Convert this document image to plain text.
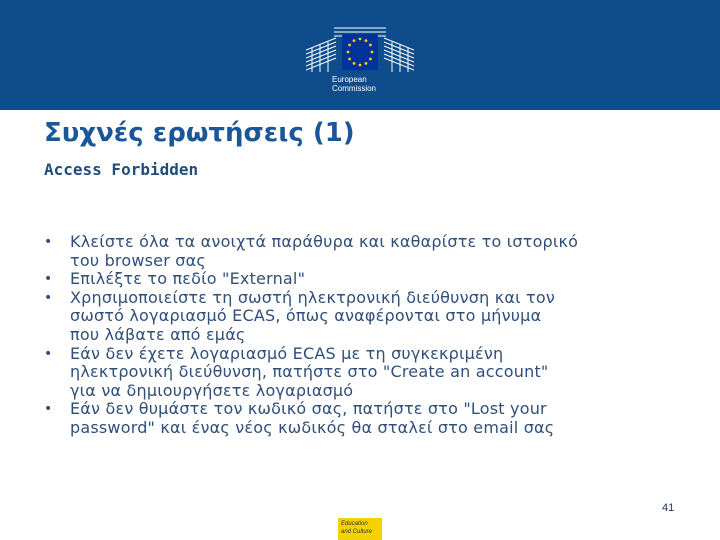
European
Commission
Συχνές ερωτήσεις (1)
Access Forbidden
• Κλείστε όλα τα ανοιχτά παράθυρα και καθαρίστε το ιστορικό
του browser σας
• Επιλέξτε το πεδίο "External"
• Χρησιμοποιείστε τη σωστή ηλεκτρονική διεύθυνση και τον
σωστό λογαριασμό ECAS, όπως αναφέρονται στο μήνυμα
που λάβατε από εμάς
• Εάν δεν έχετε λογαριασμό ECAS με τη συγκεκριμένη
ηλεκτρονική διεύθυνση, πατήστε στο "Create an account"
για να δημιουργήσετε λογαριασμό
• Εάν δεν θυμάστε τον κωδικό σας, πατήστε στο "Lost your
password" και ένας νέος κωδικός θα σταλεί στο email σας
41
Education
and Culture
